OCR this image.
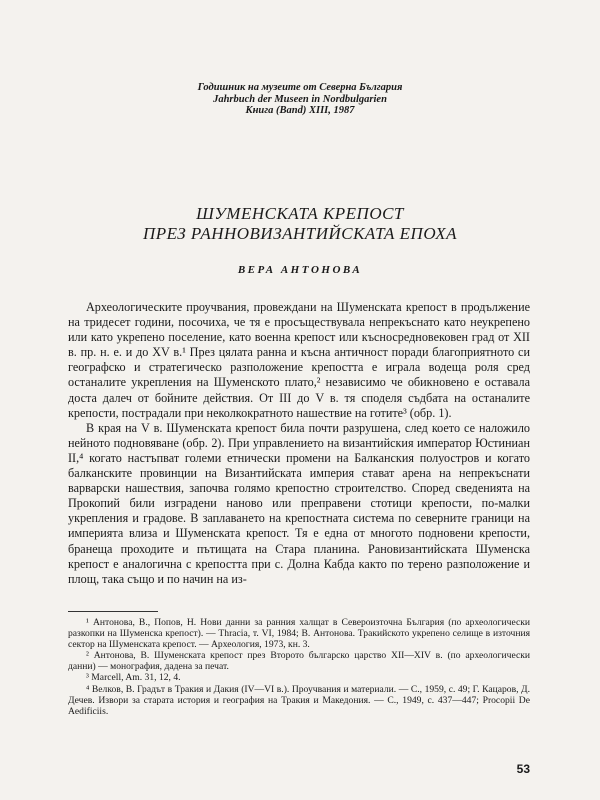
Годишник на музеите от Северна България
Jahrbuch der Museen in Nordbulgarien
Книга (Band) XIII, 1987
ШУМЕНСКАТА КРЕПОСТ
ПРЕЗ РАННОВИЗАНТИЙСКАТА ЕПОХА
ВЕРА АНТОНОВА

Археологическите проучвания, провеждани на Шуменската крепост в продължение на тридесет години, посочиха, че тя е просъществувала непрекъснато като неукрепено или като укрепено поселение, като военна крепост или късносредновековен град от XII в. пр. н. е. и до XV в.¹ През цялата ранна и късна античност поради благоприятното си географско и стратегическо разположение крепостта е играла водеща роля сред останалите укрепления на Шуменското плато,² независимо че обикновено е оставала доста далеч от бойните действия. От III до V в. тя споделя съдбата на останалите крепости, пострадали при неколкократното нашествие на готите³ (обр. 1).

В края на V в. Шуменската крепост била почти разрушена, след което се наложило нейното подновяване (обр. 2). При управлението на византийския император Юстиниан II,⁴ когато настъпват големи етнически промени на Балканския полуостров и когато балканските провинции на Византийската империя стават арена на непрекъснати варварски нашествия, започва голямо крепостно строителство. Според сведенията на Прокопий били изградени наново или преправени стотици крепости, по-малки укрепления и градове. В заплаването на крепостната система по северните граници на империята влиза и Шуменската крепост. Тя е една от многото подновени крепости, бранеща проходите и пътищата на Стара планина. Рановизантийската Шуменска крепост е аналогична с крепостта при с. Долна Кабда както по терено разположение и площ, така също и по начин на из-

¹ Антонова, В., Попов, Н. Нови данни за ранния халщат в Североизточна България (по археологически разкопки на Шуменска крепост). — Thracia, т. VI, 1984; В. Антонова. Тракийското укрепено селище в източния сектор на Шуменската крепост. — Археология, 1973, кн. 3.

² Антонова, В. Шуменската крепост през Второто българско царство XII—XIV в. (по археологически данни) — монография, дадена за печат.

³ Marcell, Am. 31, 12, 4.

⁴ Велков, В. Градът в Тракия и Дакия (IV—VI в.). Проучвания и материали. — С., 1959, с. 49; Г. Кацаров, Д. Дечев. Извори за старата история и география на Тракия и Македония. — С., 1949, с. 437—447; Procopii De Aedificiis.

53
